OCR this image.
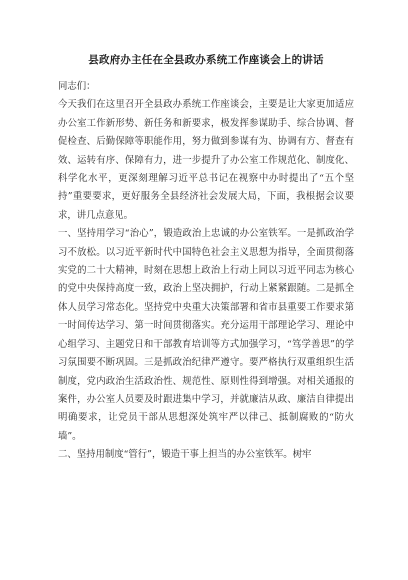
县政府办主任在全县政办系统工作座谈会上的讲话

同志们：

今天我们在这里召开全县政办系统工作座谈会，主要是让大家更加适应办公室工作新形势、新任务和新要求，极发挥参谋助手、综合协调、督促检查、后勤保障等职能作用，努力做到参谋有为、协调有方、督查有效、运转有序、保障有力，进一步提升了办公室工作规范化、制度化、科学化水平，更深刻理解习近平总书记在视察中办时提出了“五个坚持”重要要求，更好服务全县经济社会发展大局，下面，我根据会议要求，讲几点意见。

一、坚持用学习“治心”，锻造政治上忠诚的办公室铁军。一是抓政治学习不放松。以习近平新时代中国特色社会主义思想为指导，全面贯彻落实党的二十大精神，时刻在思想上政治上行动上同以习近平同志为核心的党中央保持高度一致，政治上坚决拥护，行动上紧紧跟随。二是抓全体人员学习常态化。坚持党中央重大决策部署和省市县重要工作要求第一时间传达学习、第一时间贯彻落实。充分运用干部理论学习、理论中心组学习、主题党日和干部教育培训等方式加强学习，“笃学善思”的学习氛围要不断巩固。三是抓政治纪律严遵守。要严格执行双重组织生活制度，党内政治生活政治性、规范性、原则性得到增强。对相关通报的案件，办公室人员要及时跟进集中学习，并就廉洁从政、廉洁自律提出明确要求，让党员干部从思想深处筑牢严以律己、抵制腐败的“防火墙”。

二、坚持用制度“管行”，锻造干事上担当的办公室铁军。树牢
